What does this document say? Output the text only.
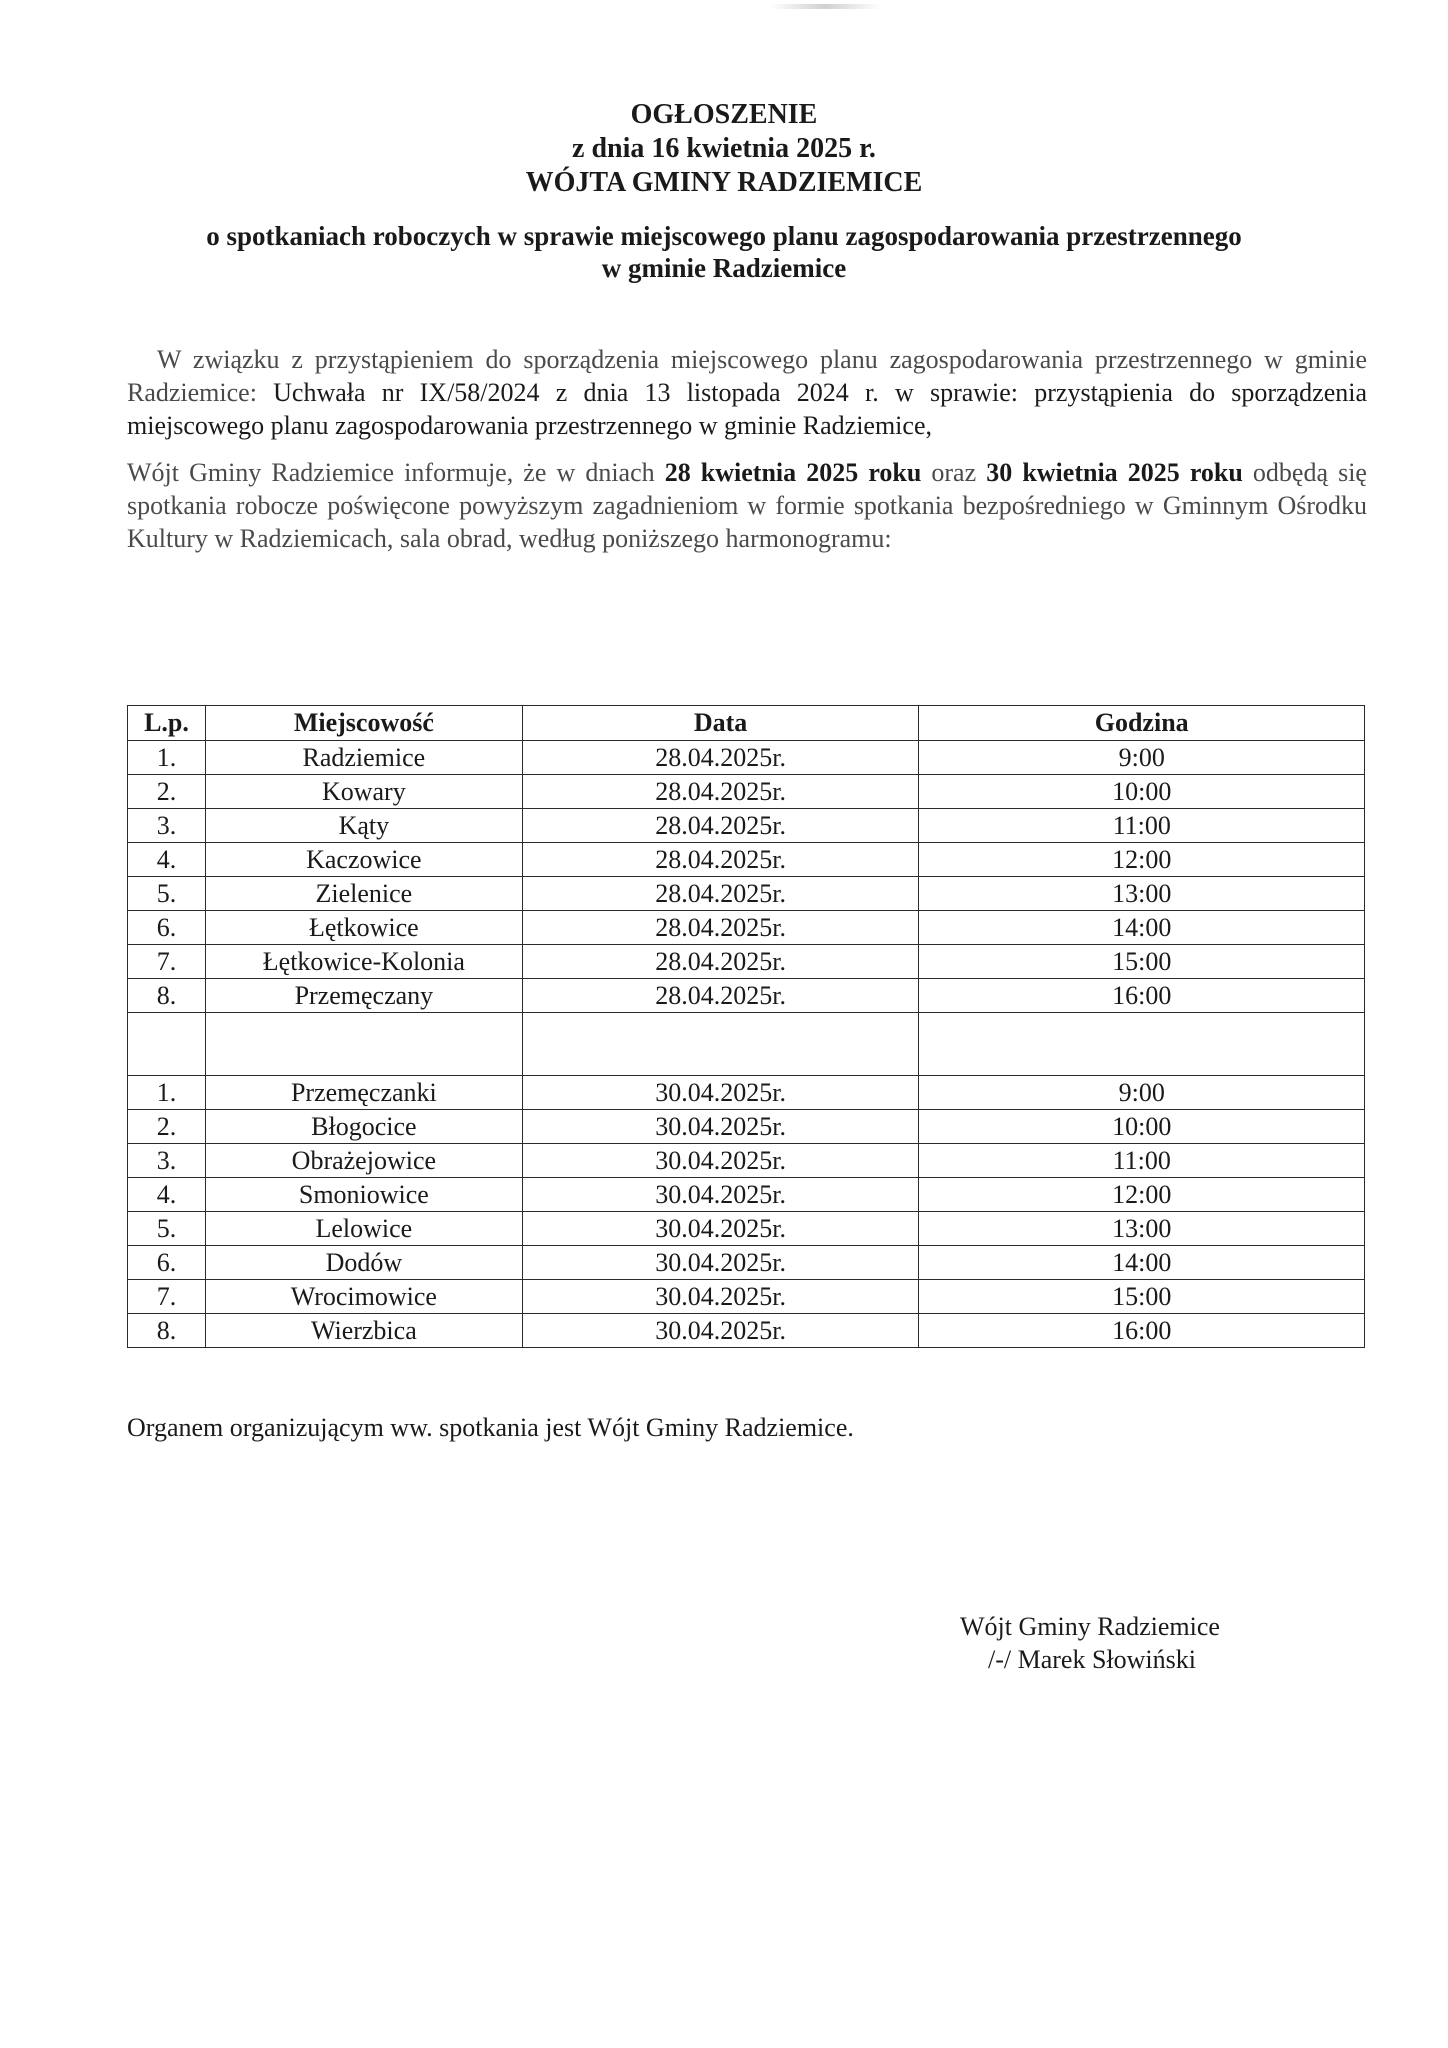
OGŁOSZENIE
z dnia 16 kwietnia 2025 r.
WÓJTA GMINY RADZIEMICE
o spotkaniach roboczych w sprawie miejscowego planu zagospodarowania przestrzennego
w gminie Radziemice

W związku z przystąpieniem do sporządzenia miejscowego planu zagospodarowania przestrzennego w gminie Radziemice: Uchwała nr IX/58/2024 z dnia 13 listopada 2024 r. w sprawie: przystąpienia do sporządzenia miejscowego planu zagospodarowania przestrzennego w gminie Radziemice,

Wójt Gminy Radziemice informuje, że w dniach 28 kwietnia 2025 roku oraz 30 kwietnia 2025 roku odbędą się spotkania robocze poświęcone powyższym zagadnieniom w formie spotkania bezpośredniego w Gminnym Ośrodku Kultury w Radziemicach, sala obrad, według poniższego harmonogramu:

L.p.	Miejscowość	Data	Godzina
1.	Radziemice	28.04.2025r.	9:00
2.	Kowary	28.04.2025r.	10:00
3.	Kąty	28.04.2025r.	11:00
4.	Kaczowice	28.04.2025r.	12:00
5.	Zielenice	28.04.2025r.	13:00
6.	Łętkowice	28.04.2025r.	14:00
7.	Łętkowice-Kolonia	28.04.2025r.	15:00
8.	Przemęczany	28.04.2025r.	16:00

1.	Przemęczanki	30.04.2025r.	9:00
2.	Błogocice	30.04.2025r.	10:00
3.	Obrażejowice	30.04.2025r.	11:00
4.	Smoniowice	30.04.2025r.	12:00
5.	Lelowice	30.04.2025r.	13:00
6.	Dodów	30.04.2025r.	14:00
7.	Wrocimowice	30.04.2025r.	15:00
8.	Wierzbica	30.04.2025r.	16:00
Organem organizującym ww. spotkania jest Wójt Gminy Radziemice.
Wójt Gminy Radziemice
/-/ Marek Słowiński
